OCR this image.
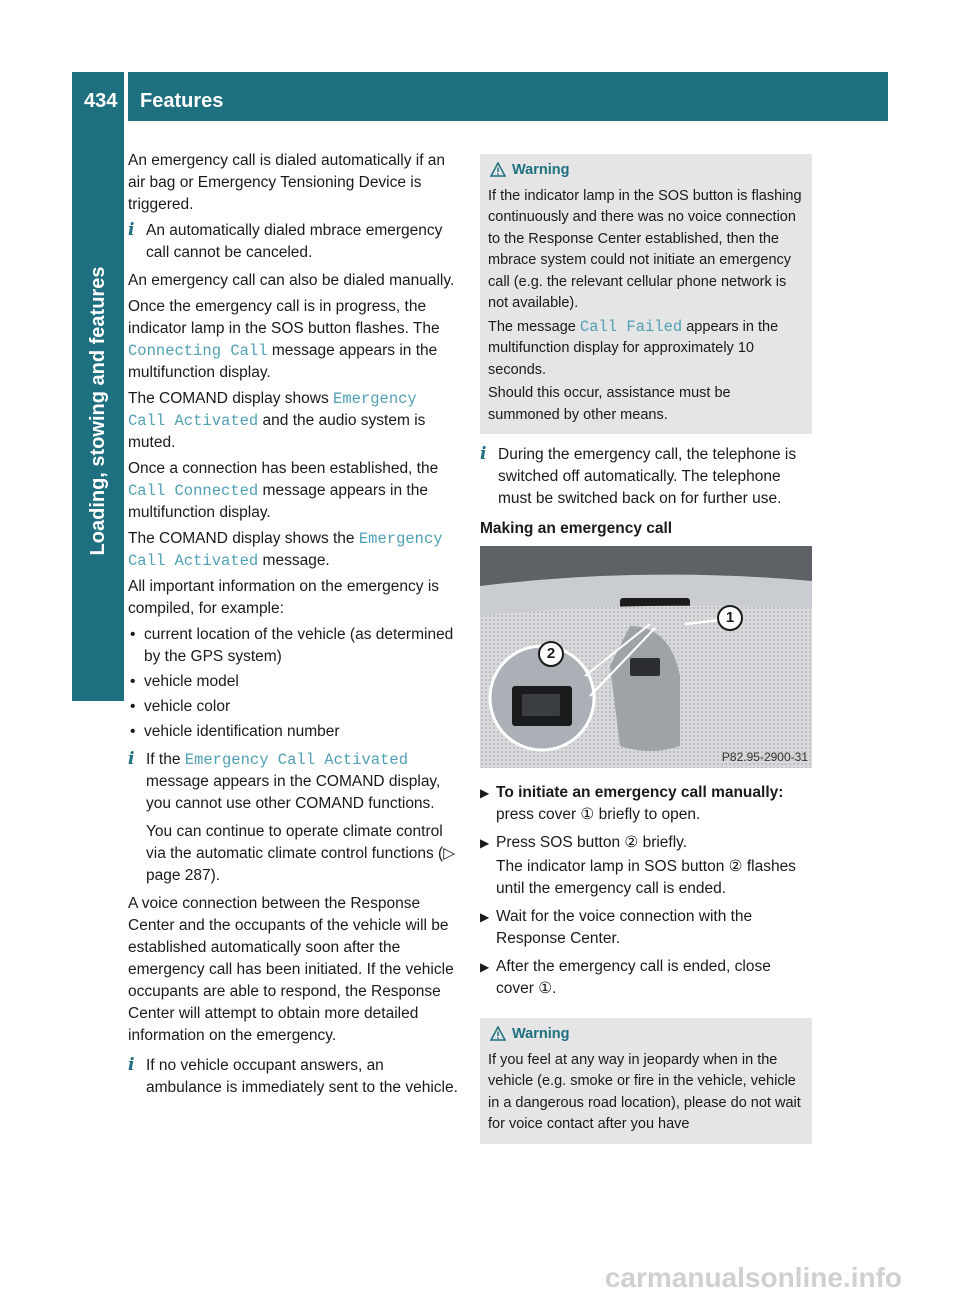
434 Features
Loading, stowing and features

An emergency call is dialed automatically if an air bag or Emergency Tensioning Device is triggered.

i An automatically dialed mbrace emergency call cannot be canceled.

An emergency call can also be dialed manually.

Once the emergency call is in progress, the indicator lamp in the SOS button flashes. The Connecting Call message appears in the multifunction display.

The COMAND display shows Emergency Call Activated and the audio system is muted.

Once a connection has been established, the Call Connected message appears in the multifunction display.

The COMAND display shows the Emergency Call Activated message.

All important information on the emergency is compiled, for example:

• current location of the vehicle (as determined by the GPS system)
• vehicle model
• vehicle color
• vehicle identification number
i If the Emergency Call Activated message appears in the COMAND display, you cannot use other COMAND functions.

You can continue to operate climate control via the automatic climate control functions (▷ page 287).

A voice connection between the Response Center and the occupants of the vehicle will be established automatically soon after the emergency call has been initiated. If the vehicle occupants are able to respond, the Response Center will attempt to obtain more detailed information on the emergency.

i If no vehicle occupant answers, an ambulance is immediately sent to the vehicle.
Warning

If the indicator lamp in the SOS button is flashing continuously and there was no voice connection to the Response Center established, then the mbrace system could not initiate an emergency call (e.g. the relevant cellular phone network is not available).

The message Call Failed appears in the multifunction display for approximately 10 seconds.

Should this occur, assistance must be summoned by other means.

i During the emergency call, the telephone is switched off automatically. The telephone must be switched back on for further use.

Making an emergency call

1
2
P82.95-2900-31
▶ To initiate an emergency call manually: press cover ① briefly to open.
▶ Press SOS button ② briefly.
The indicator lamp in SOS button ② flashes until the emergency call is ended.
▶ Wait for the voice connection with the Response Center.
▶ After the emergency call is ended, close cover ①.
Warning

If you feel at any way in jeopardy when in the vehicle (e.g. smoke or fire in the vehicle, vehicle in a dangerous road location), please do not wait for voice contact after you have

carmanualsonline.info
